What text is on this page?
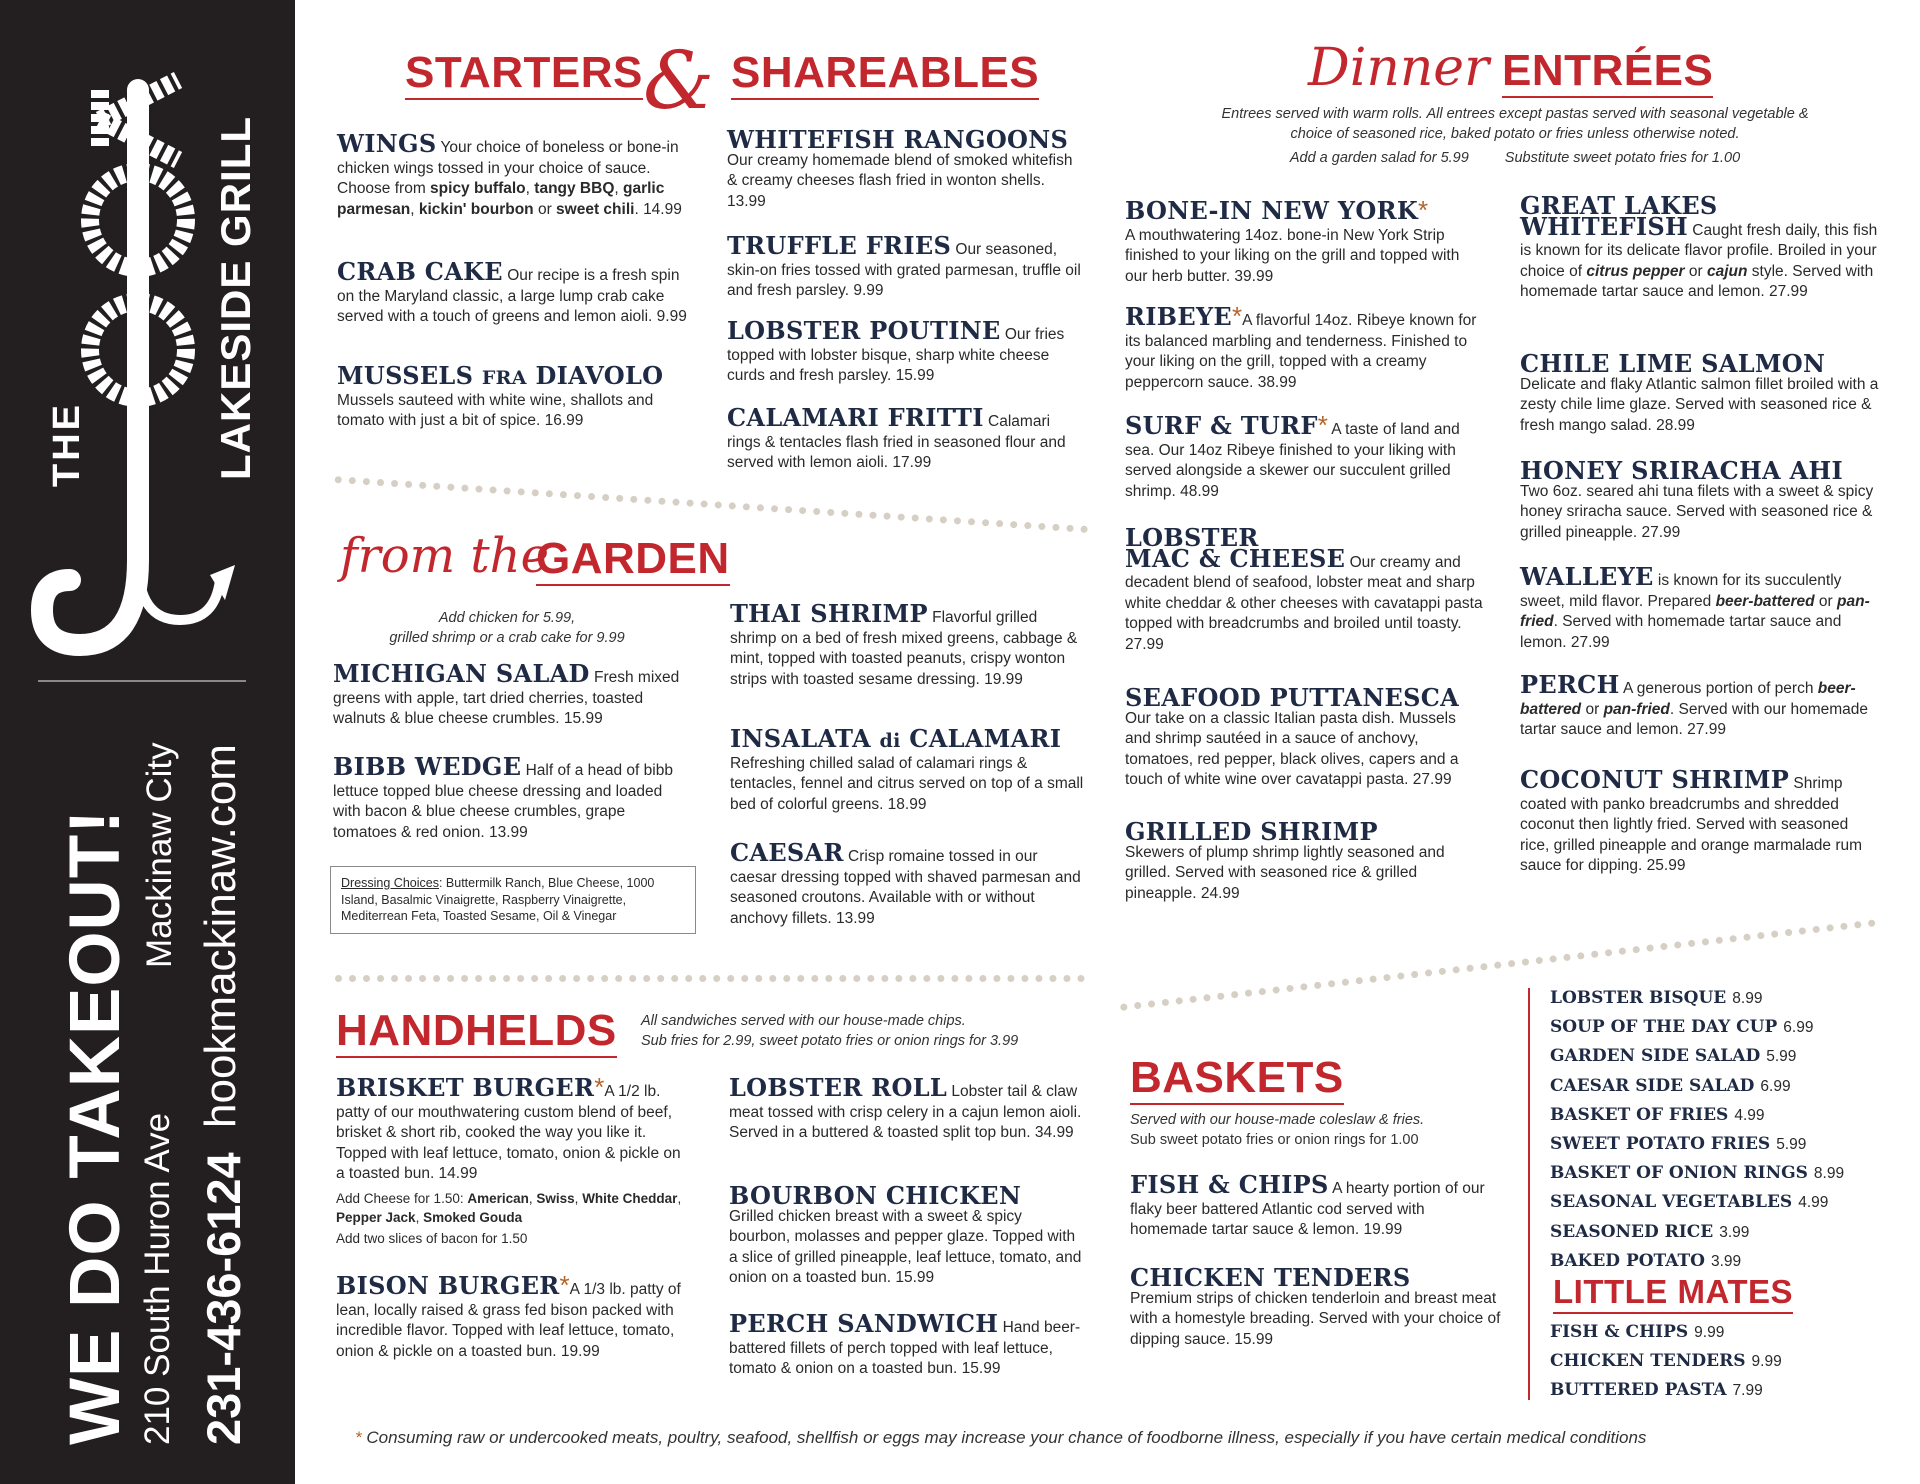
THE	LAKESIDE GRILL
WE DO TAKEOUT! 210 South Huron Ave
Mackinaw City
231-436-6124
hookmackinaw.com
STARTERS & SHAREABLES
WINGS Your choice of boneless or bone-in chicken wings tossed in your choice of sauce. Choose from spicy buffalo, tangy BBQ, garlic parmesan, kickin' bourbon or sweet chili. 14.99
CRAB CAKE Our recipe is a fresh spin on the Maryland classic, a large lump crab cake served with a touch of greens and lemon aioli. 9.99
MUSSELS FRA DIAVOLO
Mussels sauteed with white wine, shallots and tomato with just a bit of spice. 16.99
WHITEFISH RANGOONS
Our creamy homemade blend of smoked whitefish & creamy cheeses flash fried in wonton shells. 13.99
TRUFFLE FRIES Our seasoned, skin-on fries tossed with grated parmesan, truffle oil and fresh parsley. 9.99
LOBSTER POUTINE Our fries topped with lobster bisque, sharp white cheese curds and fresh parsley. 15.99
CALAMARI FRITTI Calamari rings & tentacles flash fried in seasoned flour and served with lemon aioli. 17.99
from the
GARDEN
Add chicken for 5.99,
grilled shrimp or a crab cake for 9.99
MICHIGAN SALAD Fresh mixed greens with apple, tart dried cherries, toasted walnuts & blue cheese crumbles. 15.99
BIBB WEDGE Half of a head of bibb lettuce topped blue cheese dressing and loaded with bacon & blue cheese crumbles, grape tomatoes & red onion. 13.99
Dressing Choices: Buttermilk Ranch, Blue Cheese, 1000 Island, Basalmic Vinaigrette, Raspberry Vinaigrette, Mediterrean Feta, Toasted Sesame, Oil & Vinegar
THAI SHRIMP Flavorful grilled shrimp on a bed of fresh mixed greens, cabbage & mint, topped with toasted peanuts, crispy wonton strips with toasted sesame dressing. 19.99
INSALATA di CALAMARI
Refreshing chilled salad of calamari rings & tentacles, fennel and citrus served on top of a small bed of colorful greens. 18.99
CAESAR Crisp romaine tossed in our caesar dressing topped with shaved parmesan and seasoned croutons. Available with or without anchovy fillets. 13.99
HANDHELDS All sandwiches served with our house-made chips.
Sub fries for 2.99, sweet potato fries or onion rings for 3.99
BRISKET BURGER*A 1/2 lb. patty of our mouthwatering custom blend of beef, brisket & short rib, cooked the way you like it. Topped with leaf lettuce, tomato, onion & pickle on a toasted bun. 14.99
Add Cheese for 1.50: American, Swiss, White Cheddar, Pepper Jack, Smoked Gouda
Add two slices of bacon for 1.50
BISON BURGER*A 1/3 lb. patty of lean, locally raised & grass fed bison packed with incredible flavor. Topped with leaf lettuce, tomato, onion & pickle on a toasted bun. 19.99
LOBSTER ROLL Lobster tail & claw meat tossed with crisp celery in a cajun lemon aioli. Served in a buttered & toasted split top bun. 34.99
BOURBON CHICKEN
Grilled chicken breast with a sweet & spicy bourbon, molasses and pepper glaze. Topped with a slice of grilled pineapple, leaf lettuce, tomato, and onion on a toasted bun. 15.99
PERCH SANDWICH Hand beer-battered fillets of perch topped with leaf lettuce, tomato & onion on a toasted bun. 15.99
Dinner ENTRÉES
Entrees served with warm rolls. All entrees except pastas served with seasonal vegetable &
choice of seasoned rice, baked potato or fries unless otherwise noted.
Add a garden salad for 5.99 Substitute sweet potato fries for 1.00
BONE-IN NEW YORK*
A mouthwatering 14oz. bone-in New York Strip finished to your liking on the grill and topped with our herb butter. 39.99
RIBEYE*A flavorful 14oz. Ribeye known for its balanced marbling and tenderness. Finished to your liking on the grill, topped with a creamy peppercorn sauce. 38.99
SURF & TURF* A taste of land and sea. Our 14oz Ribeye finished to your liking with served alongside a skewer our succulent grilled shrimp. 48.99
LOBSTER
MAC & CHEESE Our creamy and decadent blend of seafood, lobster meat and sharp white cheddar & other cheeses with cavatappi pasta topped with breadcrumbs and broiled until toasty. 27.99
SEAFOOD PUTTANESCA
Our take on a classic Italian pasta dish. Mussels and shrimp sautéed in a sauce of anchovy, tomatoes, red pepper, black olives, capers and a touch of white wine over cavatappi pasta. 27.99
GRILLED SHRIMP
Skewers of plump shrimp lightly seasoned and grilled. Served with seasoned rice & grilled pineapple. 24.99
GREAT LAKES
WHITEFISH Caught fresh daily, this fish is known for its delicate flavor profile. Broiled in your choice of citrus pepper or cajun style. Served with homemade tartar sauce and lemon. 27.99
CHILE LIME SALMON
Delicate and flaky Atlantic salmon fillet broiled with a zesty chile lime glaze. Served with seasoned rice & fresh mango salad. 28.99
HONEY SRIRACHA AHI
Two 6oz. seared ahi tuna filets with a sweet & spicy honey sriracha sauce. Served with seasoned rice & grilled pineapple. 27.99
WALLEYE is known for its succulently sweet, mild flavor. Prepared beer-battered or pan-fried. Served with homemade tartar sauce and lemon. 27.99
PERCH A generous portion of perch beer-battered or pan-fried. Served with our homemade tartar sauce and lemon. 27.99
COCONUT SHRIMP Shrimp coated with panko breadcrumbs and shredded coconut then lightly fried. Served with seasoned rice, grilled pineapple and orange marmalade rum sauce for dipping. 25.99
BASKETS
Served with our house-made coleslaw & fries.
Sub sweet potato fries or onion rings for 1.00
FISH & CHIPS A hearty portion of our flaky beer battered Atlantic cod served with homemade tartar sauce & lemon. 19.99
CHICKEN TENDERS
Premium strips of chicken tenderloin and breast meat with a homestyle breading. Served with your choice of dipping sauce. 15.99
LOBSTER BISQUE 8.99
SOUP OF THE DAY CUP 6.99
GARDEN SIDE SALAD 5.99
CAESAR SIDE SALAD 6.99
BASKET OF FRIES 4.99
SWEET POTATO FRIES 5.99
BASKET OF ONION RINGS 8.99
SEASONAL VEGETABLES 4.99
SEASONED RICE 3.99
BAKED POTATO 3.99
LITTLE MATES
FISH & CHIPS 9.99
CHICKEN TENDERS 9.99
BUTTERED PASTA 7.99
* Consuming raw or undercooked meats, poultry, seafood, shellfish or eggs may increase your chance of foodborne illness, especially if you have certain medical conditions
